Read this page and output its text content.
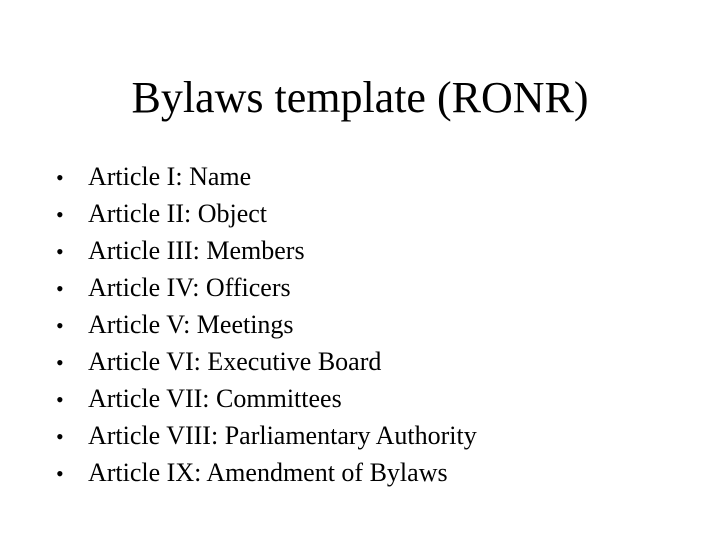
Bylaws template (RONR)
• Article I: Name
• Article II: Object
• Article III: Members
• Article IV: Officers
• Article V: Meetings
• Article VI: Executive Board
• Article VII: Committees
• Article VIII: Parliamentary Authority
• Article IX: Amendment of Bylaws
